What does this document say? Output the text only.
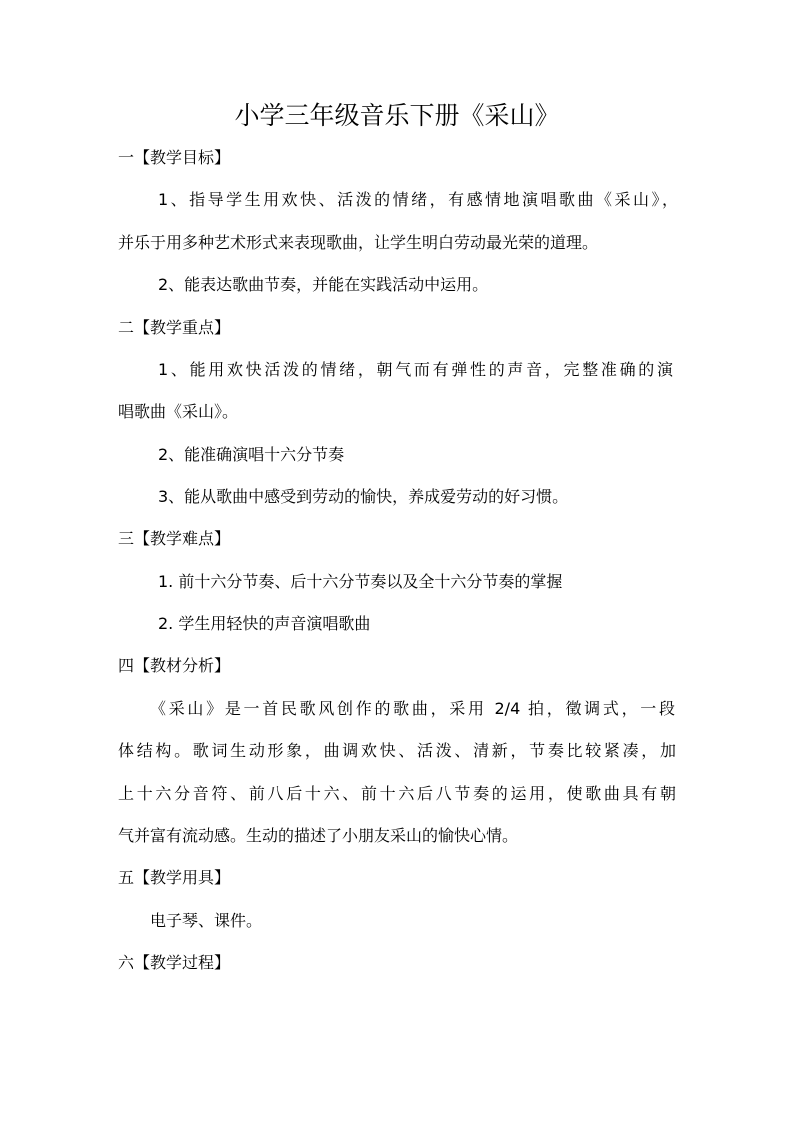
小学三年级音乐下册《采山》
一【教学目标】
1、指导学生用欢快、活泼的情绪，有感情地演唱歌曲《采山》，
并乐于用多种艺术形式来表现歌曲，让学生明白劳动最光荣的道理。
2、能表达歌曲节奏，并能在实践活动中运用。
二【教学重点】
1、能用欢快活泼的情绪，朝气而有弹性的声音，完整准确的演
唱歌曲《采山》。
2、能准确演唱十六分节奏
3、能从歌曲中感受到劳动的愉快，养成爱劳动的好习惯。
三【教学难点】
1. 前十六分节奏、后十六分节奏以及全十六分节奏的掌握
2. 学生用轻快的声音演唱歌曲
四【教材分析】
《采山》是一首民歌风创作的歌曲，采用 2/4 拍，徵调式，一段
体结构。歌词生动形象，曲调欢快、活泼、清新，节奏比较紧凑，加
上十六分音符、前八后十六、前十六后八节奏的运用，使歌曲具有朝
气并富有流动感。生动的描述了小朋友采山的愉快心情。
五【教学用具】
电子琴、课件。
六【教学过程】
